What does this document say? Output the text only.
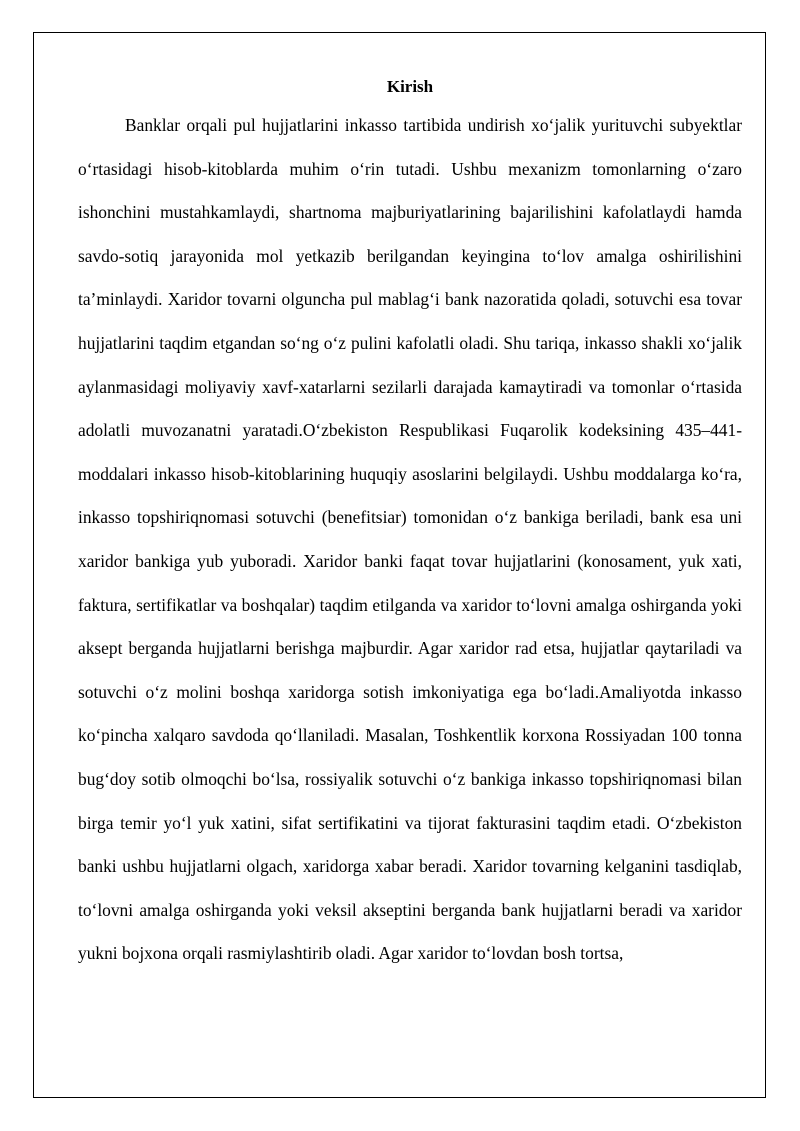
Kirish

Banklar orqali pul hujjatlarini inkasso tartibida undirish xo‘jalik yurituvchi subyektlar o‘rtasidagi hisob-kitoblarda muhim o‘rin tutadi. Ushbu mexanizm tomonlarning o‘zaro ishonchini mustahkamlaydi, shartnoma majburiyatlarining bajarilishini kafolatlaydi hamda savdo-sotiq jarayonida mol yetkazib berilgandan keyingina to‘lov amalga oshirilishini ta’minlaydi. Xaridor tovarni olguncha pul mablag‘i bank nazoratida qoladi, sotuvchi esa tovar hujjatlarini taqdim etgandan so‘ng o‘z pulini kafolatli oladi. Shu tariqa, inkasso shakli xo‘jalik aylanmasidagi moliyaviy xavf-xatarlarni sezilarli darajada kamaytiradi va tomonlar o‘rtasida adolatli muvozanatni yaratadi.O‘zbekiston Respublikasi Fuqarolik kodeksining 435–441-moddalari inkasso hisob-kitoblarining huquqiy asoslarini belgilaydi. Ushbu moddalarga ko‘ra, inkasso topshiriqnomasi sotuvchi (benefitsiar) tomonidan o‘z bankiga beriladi, bank esa uni xaridor bankiga yub yuboradi. Xaridor banki faqat tovar hujjatlarini (konosament, yuk xati, faktura, sertifikatlar va boshqalar) taqdim etilganda va xaridor to‘lovni amalga oshirganda yoki aksept berganda hujjatlarni berishga majburdir. Agar xaridor rad etsa, hujjatlar qaytariladi va sotuvchi o‘z molini boshqa xaridorga sotish imkoniyatiga ega bo‘ladi.Amaliyotda inkasso ko‘pincha xalqaro savdoda qo‘llaniladi. Masalan, Toshkentlik korxona Rossiyadan 100 tonna bug‘doy sotib olmoqchi bo‘lsa, rossiyalik sotuvchi o‘z bankiga inkasso topshiriqnomasi bilan birga temir yo‘l yuk xatini, sifat sertifikatini va tijorat fakturasini taqdim etadi. O‘zbekiston banki ushbu hujjatlarni olgach, xaridorga xabar beradi. Xaridor tovarning kelganini tasdiqlab, to‘lovni amalga oshirganda yoki veksil akseptini berganda bank hujjatlarni beradi va xaridor yukni bojxona orqali rasmiylashtirib oladi. Agar xaridor to‘lovdan bosh tortsa,
